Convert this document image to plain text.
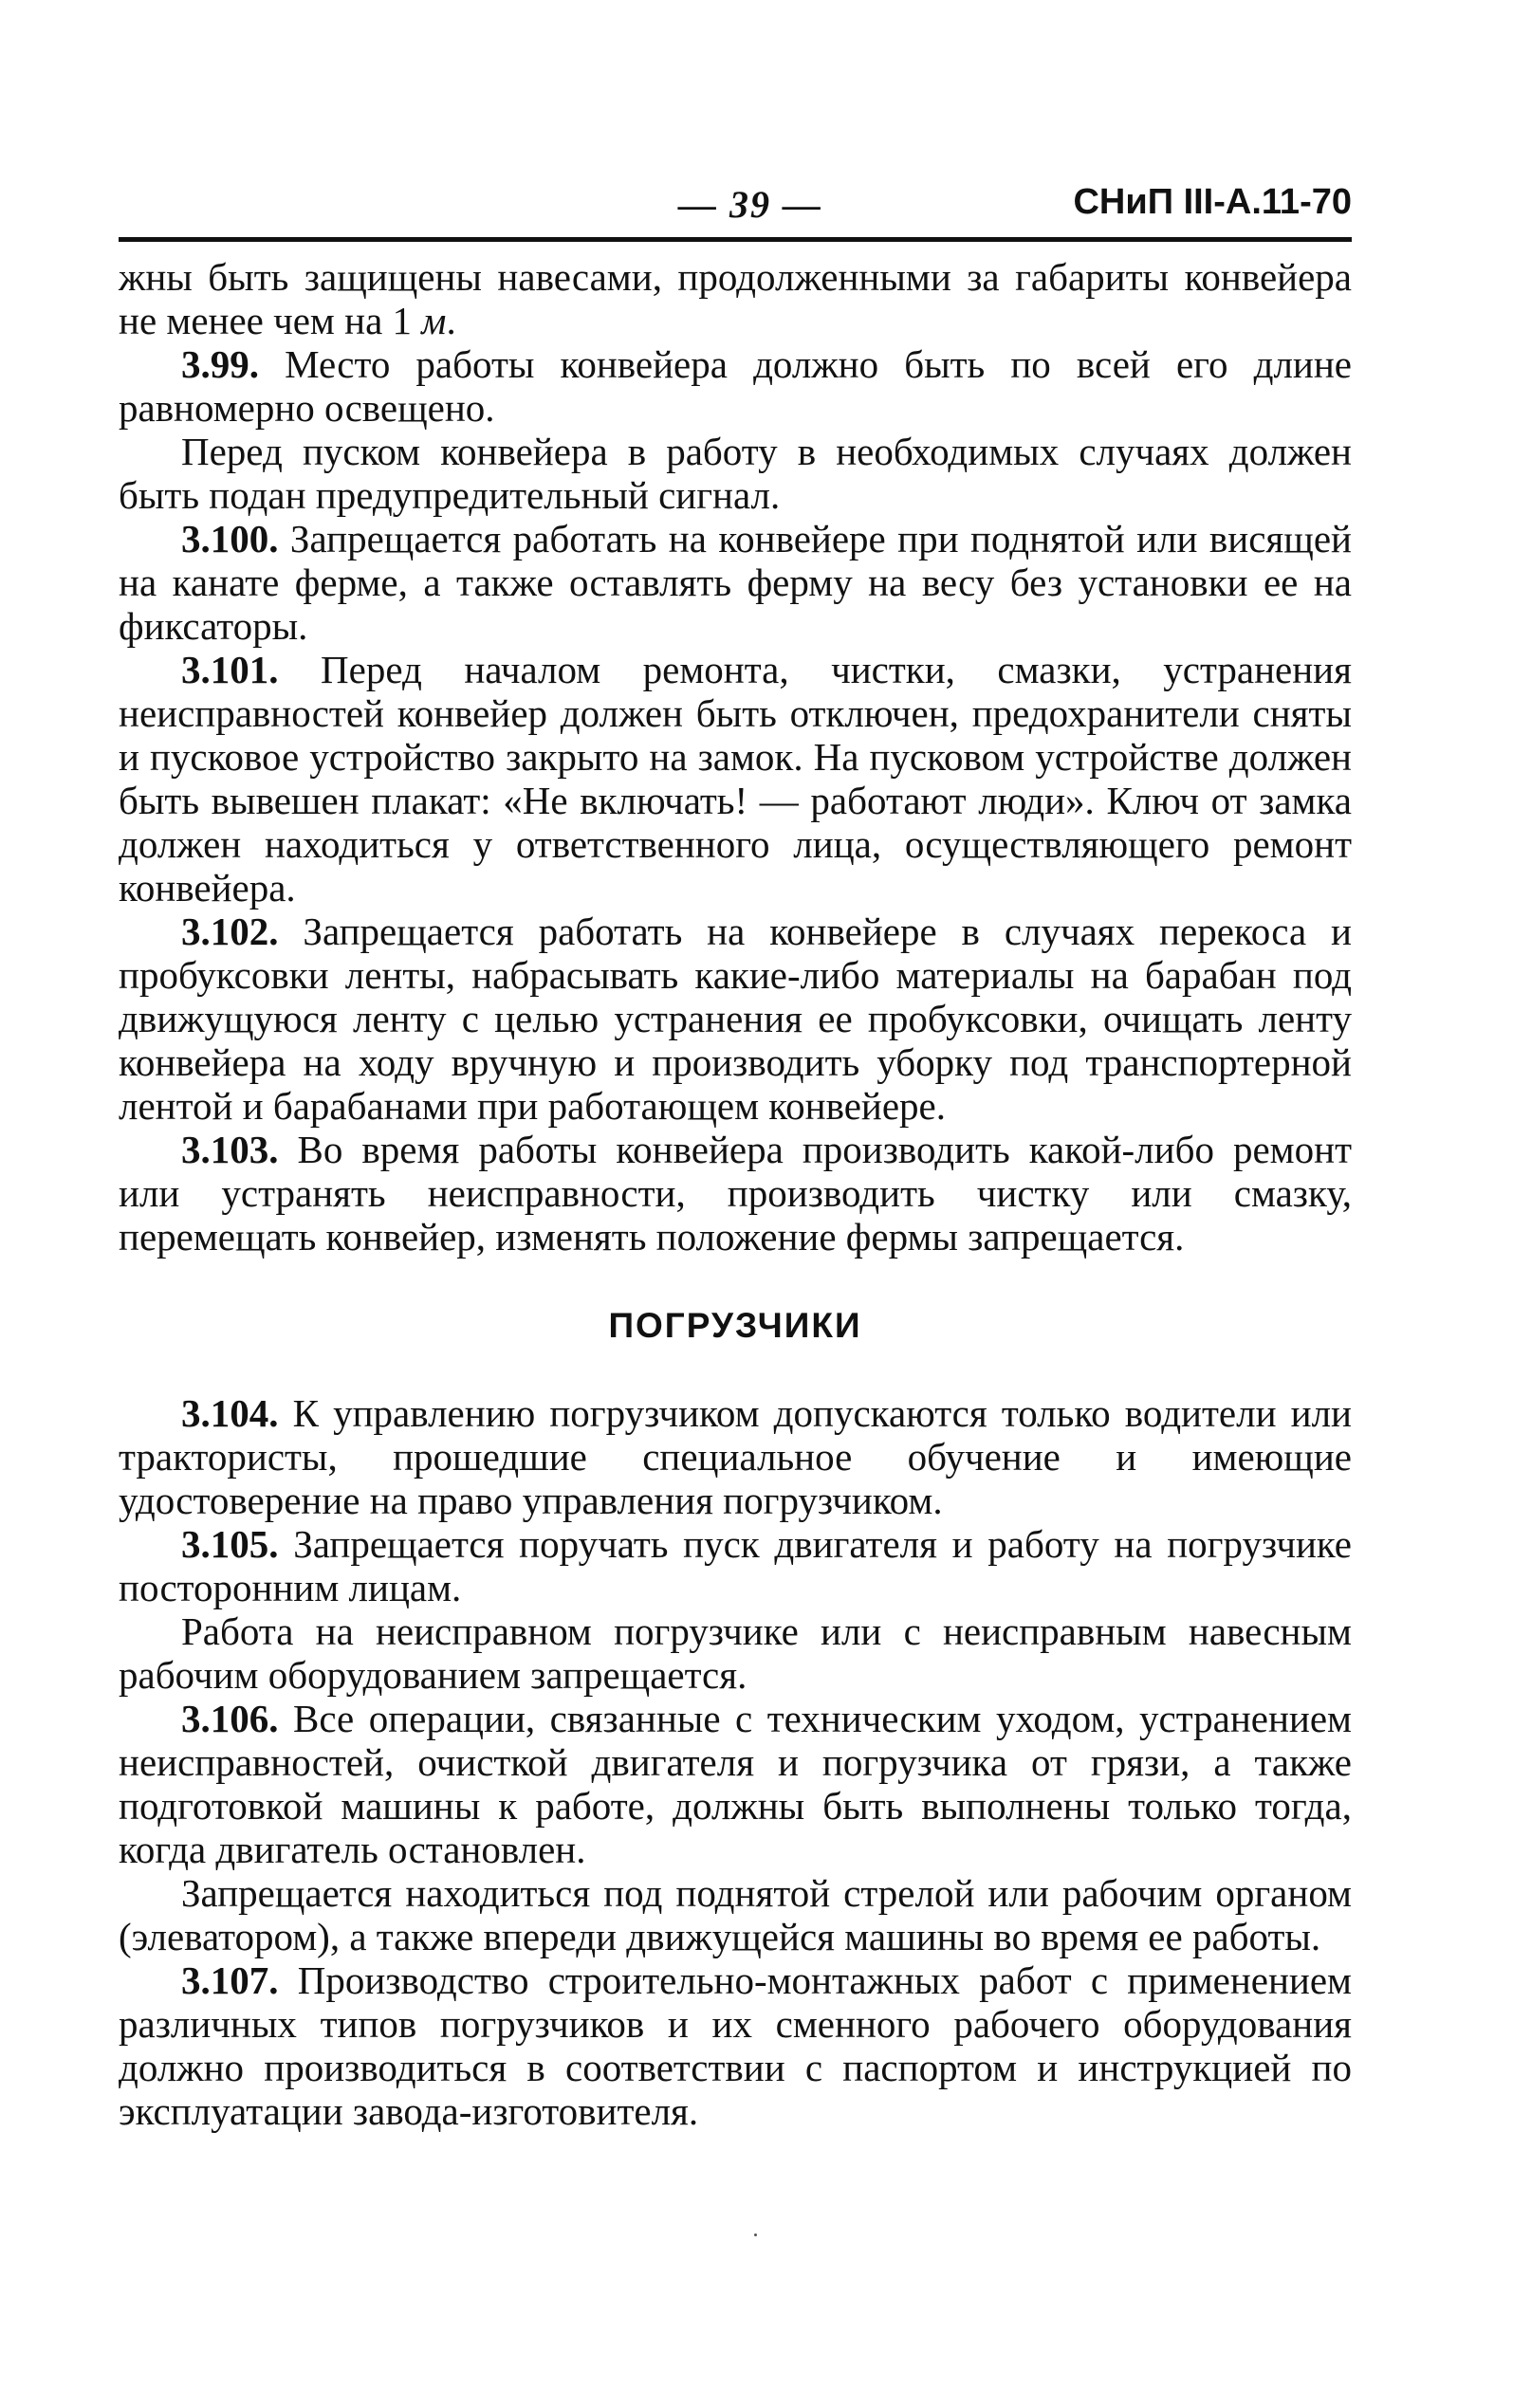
— 39 —	СНиП III-А.11-70

жны быть защищены навесами, продолженными за габариты конвейера не менее чем на 1 м.

3.99. Место работы конвейера должно быть по всей его длине равномерно освещено.

Перед пуском конвейера в работу в необходимых случаях должен быть подан предупредительный сигнал.

3.100. Запрещается работать на конвейере при поднятой или висящей на канате ферме, а также оставлять ферму на весу без установки ее на фиксаторы.

3.101. Перед началом ремонта, чистки, смазки, устранения неисправностей конвейер должен быть отключен, предохранители сняты и пусковое устройство закрыто на замок. На пусковом устройстве должен быть вывешен плакат: «Не включать! — работают люди». Ключ от замка должен находиться у ответственного лица, осуществляющего ремонт конвейера.

3.102. Запрещается работать на конвейере в случаях перекоса и пробуксовки ленты, набрасывать какие-либо материалы на барабан под движущуюся ленту с целью устранения ее пробуксовки, очищать ленту конвейера на ходу вручную и производить уборку под транспортерной лентой и барабанами при работающем конвейере.

3.103. Во время работы конвейера производить какой-либо ремонт или устранять неисправности, производить чистку или смазку, перемещать конвейер, изменять положение фермы запрещается.

ПОГРУЗЧИКИ

3.104. К управлению погрузчиком допускаются только водители или трактористы, прошедшие специальное обучение и имеющие удостоверение на право управления погрузчиком.

3.105. Запрещается поручать пуск двигателя и работу на погрузчике посторонним лицам.

Работа на неисправном погрузчике или с неисправным навесным рабочим оборудованием запрещается.

3.106. Все операции, связанные с техническим уходом, устранением неисправностей, очисткой двигателя и погрузчика от грязи, а также подготовкой машины к работе, должны быть выполнены только тогда, когда двигатель остановлен.

Запрещается находиться под поднятой стрелой или рабочим органом (элеватором), а также впереди движущейся машины во время ее работы.

3.107. Производство строительно-монтажных работ с применением различных типов погрузчиков и их сменного рабочего оборудования должно производиться в соответствии с паспортом и инструкцией по эксплуатации завода-изготовителя.
